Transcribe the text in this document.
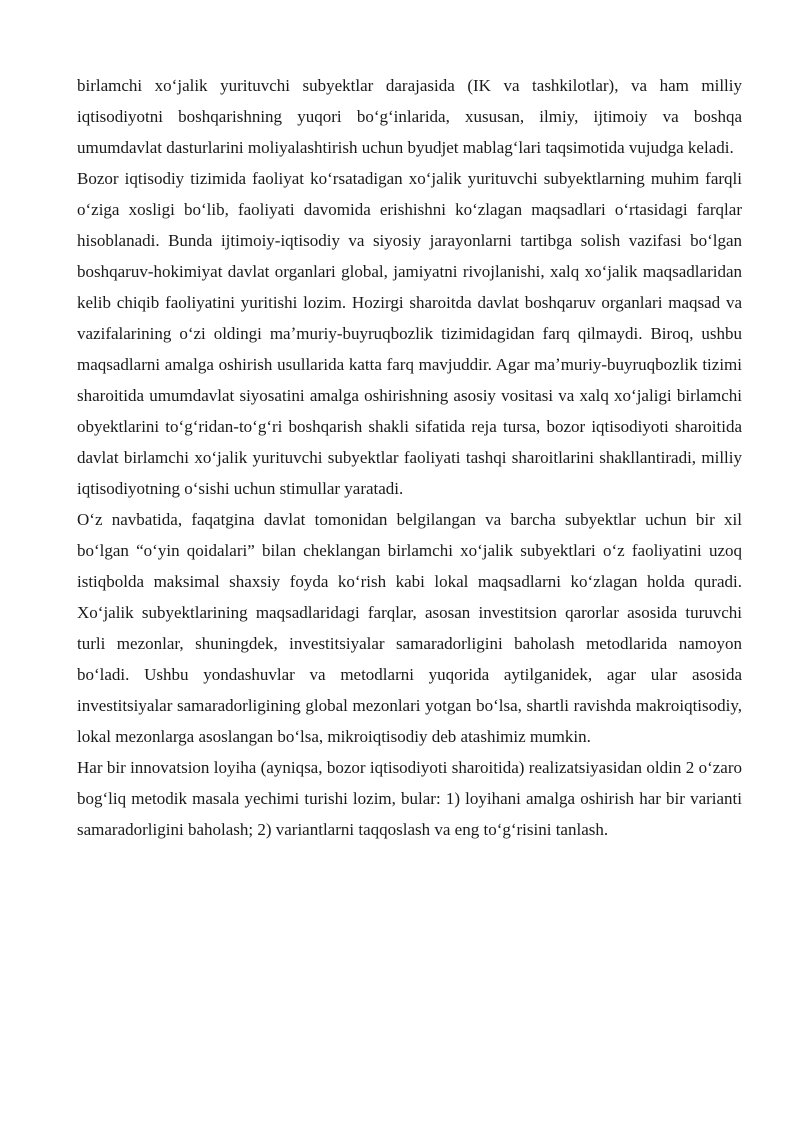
birlamchi xoʻjalik yurituvchi subyektlar darajasida (IK va tashkilotlar), va ham milliy iqtisodiyotni boshqarishning yuqori boʻgʻinlarida, xususan, ilmiy, ijtimoiy va boshqa umumdavlat dasturlarini moliyalashtirish uchun byudjet mablagʻlari taqsimotida vujudga keladi.

Bozor iqtisodiy tizimida faoliyat koʻrsatadigan xoʻjalik yurituvchi subyektlarning muhim farqli oʻziga xosligi boʻlib, faoliyati davomida erishishni koʻzlagan maqsadlari oʻrtasidagi farqlar hisoblanadi. Bunda ijtimoiy-iqtisodiy va siyosiy jarayonlarni tartibga solish vazifasi boʻlgan boshqaruv-hokimiyat davlat organlari global, jamiyatni rivojlanishi, xalq xoʻjalik maqsadlaridan kelib chiqib faoliyatini yuritishi lozim. Hozirgi sharoitda davlat boshqaruv organlari maqsad va vazifalarining oʻzi oldingi maʼmuriy-buyruqbozlik tizimidagidan farq qilmaydi. Biroq, ushbu maqsadlarni amalga oshirish usullarida katta farq mavjuddir. Agar maʼmuriy-buyruqbozlik tizimi sharoitida umumdavlat siyosatini amalga oshirishning asosiy vositasi va xalq xoʻjaligi birlamchi obyektlarini toʻgʻridan-toʻgʻri boshqarish shakli sifatida reja tursa, bozor iqtisodiyoti sharoitida davlat birlamchi xoʻjalik yurituvchi subyektlar faoliyati tashqi sharoitlarini shakllantiradi, milliy iqtisodiyotning oʻsishi uchun stimullar yaratadi.

Oʻz navbatida, faqatgina davlat tomonidan belgilangan va barcha subyektlar uchun bir xil boʻlgan “oʻyin qoidalari” bilan cheklangan birlamchi xoʻjalik subyektlari oʻz faoliyatini uzoq istiqbolda maksimal shaxsiy foyda koʻrish kabi lokal maqsadlarni koʻzlagan holda quradi. Xoʻjalik subyektlarining maqsadlaridagi farqlar, asosan investitsion qarorlar asosida turuvchi turli mezonlar, shuningdek, investitsiyalar samaradorligini baholash metodlarida namoyon boʻladi. Ushbu yondashuvlar va metodlarni yuqorida aytilganidek, agar ular asosida investitsiyalar samaradorligining global mezonlari yotgan boʻlsa, shartli ravishda makroiqtisodiy, lokal mezonlarga asoslangan boʻlsa, mikroiqtisodiy deb atashimiz mumkin.

Har bir innovatsion loyiha (ayniqsa, bozor iqtisodiyoti sharoitida) realizatsiyasidan oldin 2 oʻzaro bogʻliq metodik masala yechimi turishi lozim, bular: 1) loyihani amalga oshirish har bir varianti samaradorligini baholash; 2) variantlarni taqqoslash va eng toʻgʻrisini tanlash.
